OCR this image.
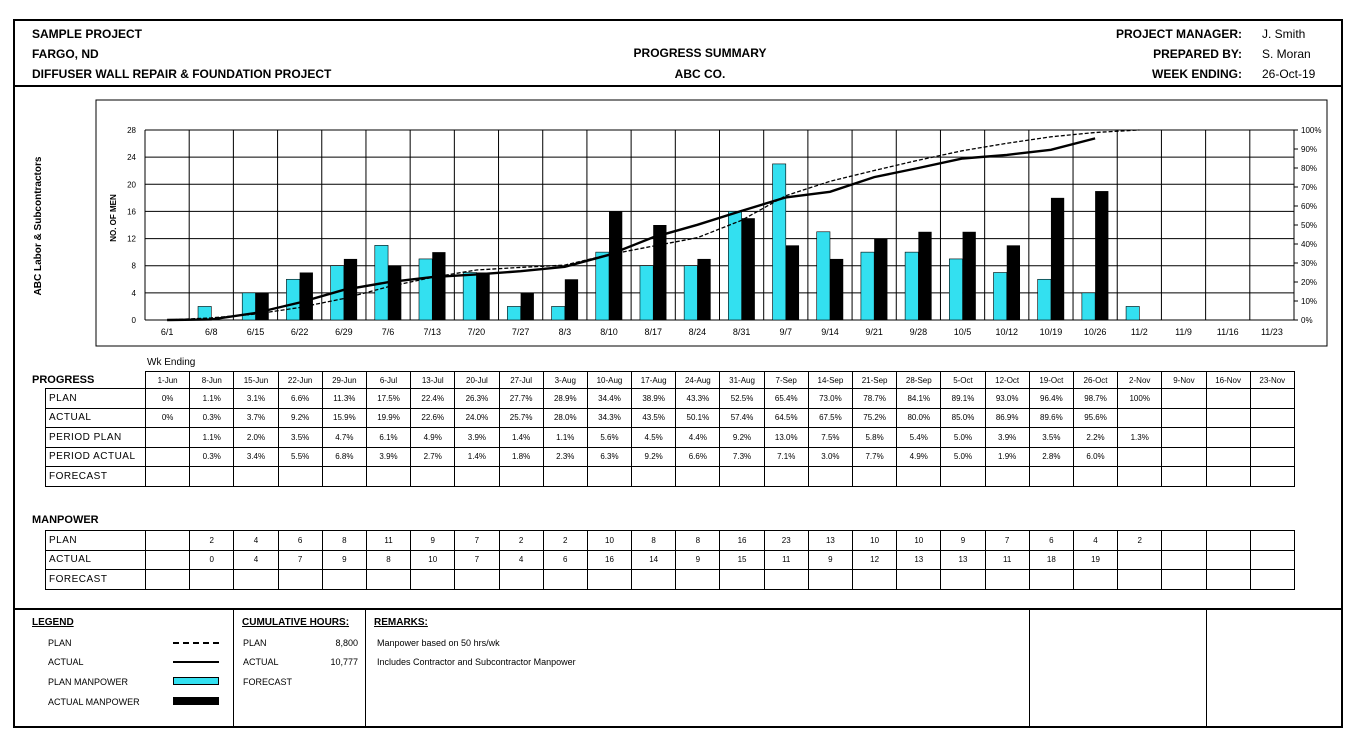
SAMPLE PROJECT
FARGO, ND
DIFFUSER WALL REPAIR & FOUNDATION PROJECT
PROGRESS SUMMARY
ABC CO.
PROJECT MANAGER:
PREPARED BY:
WEEK ENDING:
J. Smith
S. Moran
26-Oct-19
0
4
8
12
16
20
24
28
0%
10%
20%
30%
40%
50%
60%
70%
80%
90%
100%
6/1	6/8	6/15	6/22	6/29	7/6	7/13	7/20	7/27	8/3	8/10	8/17	8/24	8/31	9/7	9/14	9/21	9/28	10/5	10/12 10/19 10/26	11/2	11/9	11/16 11/23
ABC Labor & Subcontractors	NO. OF MEN
Wk Ending
PROGRESS
		1-Jun	8-Jun	15-Jun	22-Jun	29-Jun	6-Jul	13-Jul	20-Jul	27-Jul	3-Aug	10-Aug	17-Aug	24-Aug	31-Aug	7-Sep	14-Sep	21-Sep	28-Sep	5-Oct	12-Oct	19-Oct	26-Oct	2-Nov	9-Nov	16-Nov	23-Nov
PLAN	0%	1.1%	3.1%	6.6%	11.3%	17.5%	22.4%	26.3%	27.7%	28.9%	34.4%	38.9%	43.3%	52.5%	65.4%	73.0%	78.7%	84.1%	89.1%	93.0%	96.4%	98.7%	100%			
ACTUAL	0%	0.3%	3.7%	9.2%	15.9%	19.9%	22.6%	24.0%	25.7%	28.0%	34.3%	43.5%	50.1%	57.4%	64.5%	67.5%	75.2%	80.0%	85.0%	86.9%	89.6%	95.6%				
PERIOD PLAN		1.1%	2.0%	3.5%	4.7%	6.1%	4.9%	3.9%	1.4%	1.1%	5.6%	4.5%	4.4%	9.2%	13.0%	7.5%	5.8%	5.4%	5.0%	3.9%	3.5%	2.2%	1.3%			
PERIOD ACTUAL		0.3%	3.4%	5.5%	6.8%	3.9%	2.7%	1.4%	1.8%	2.3%	6.3%	9.2%	6.6%	7.3%	7.1%	3.0%	7.7%	4.9%	5.0%	1.9%	2.8%	6.0%				
FORECAST																										
MANPOWER
PLAN		2	4	6	8	11	9	7	2	2	10	8	8	16	23	13	10	10	9	7	6	4	2			
ACTUAL		0	4	7	9	8	10	7	4	6	16	14	9	15	11	9	12	13	13	11	18	19				
FORECAST																										
LEGEND
PLAN
ACTUAL
PLAN MANPOWER
ACTUAL MANPOWER
CUMULATIVE HOURS:
PLAN	8,800
ACTUAL	10,777
FORECAST
REMARKS:
Manpower based on 50 hrs/wk
Includes Contractor and Subcontractor Manpower
